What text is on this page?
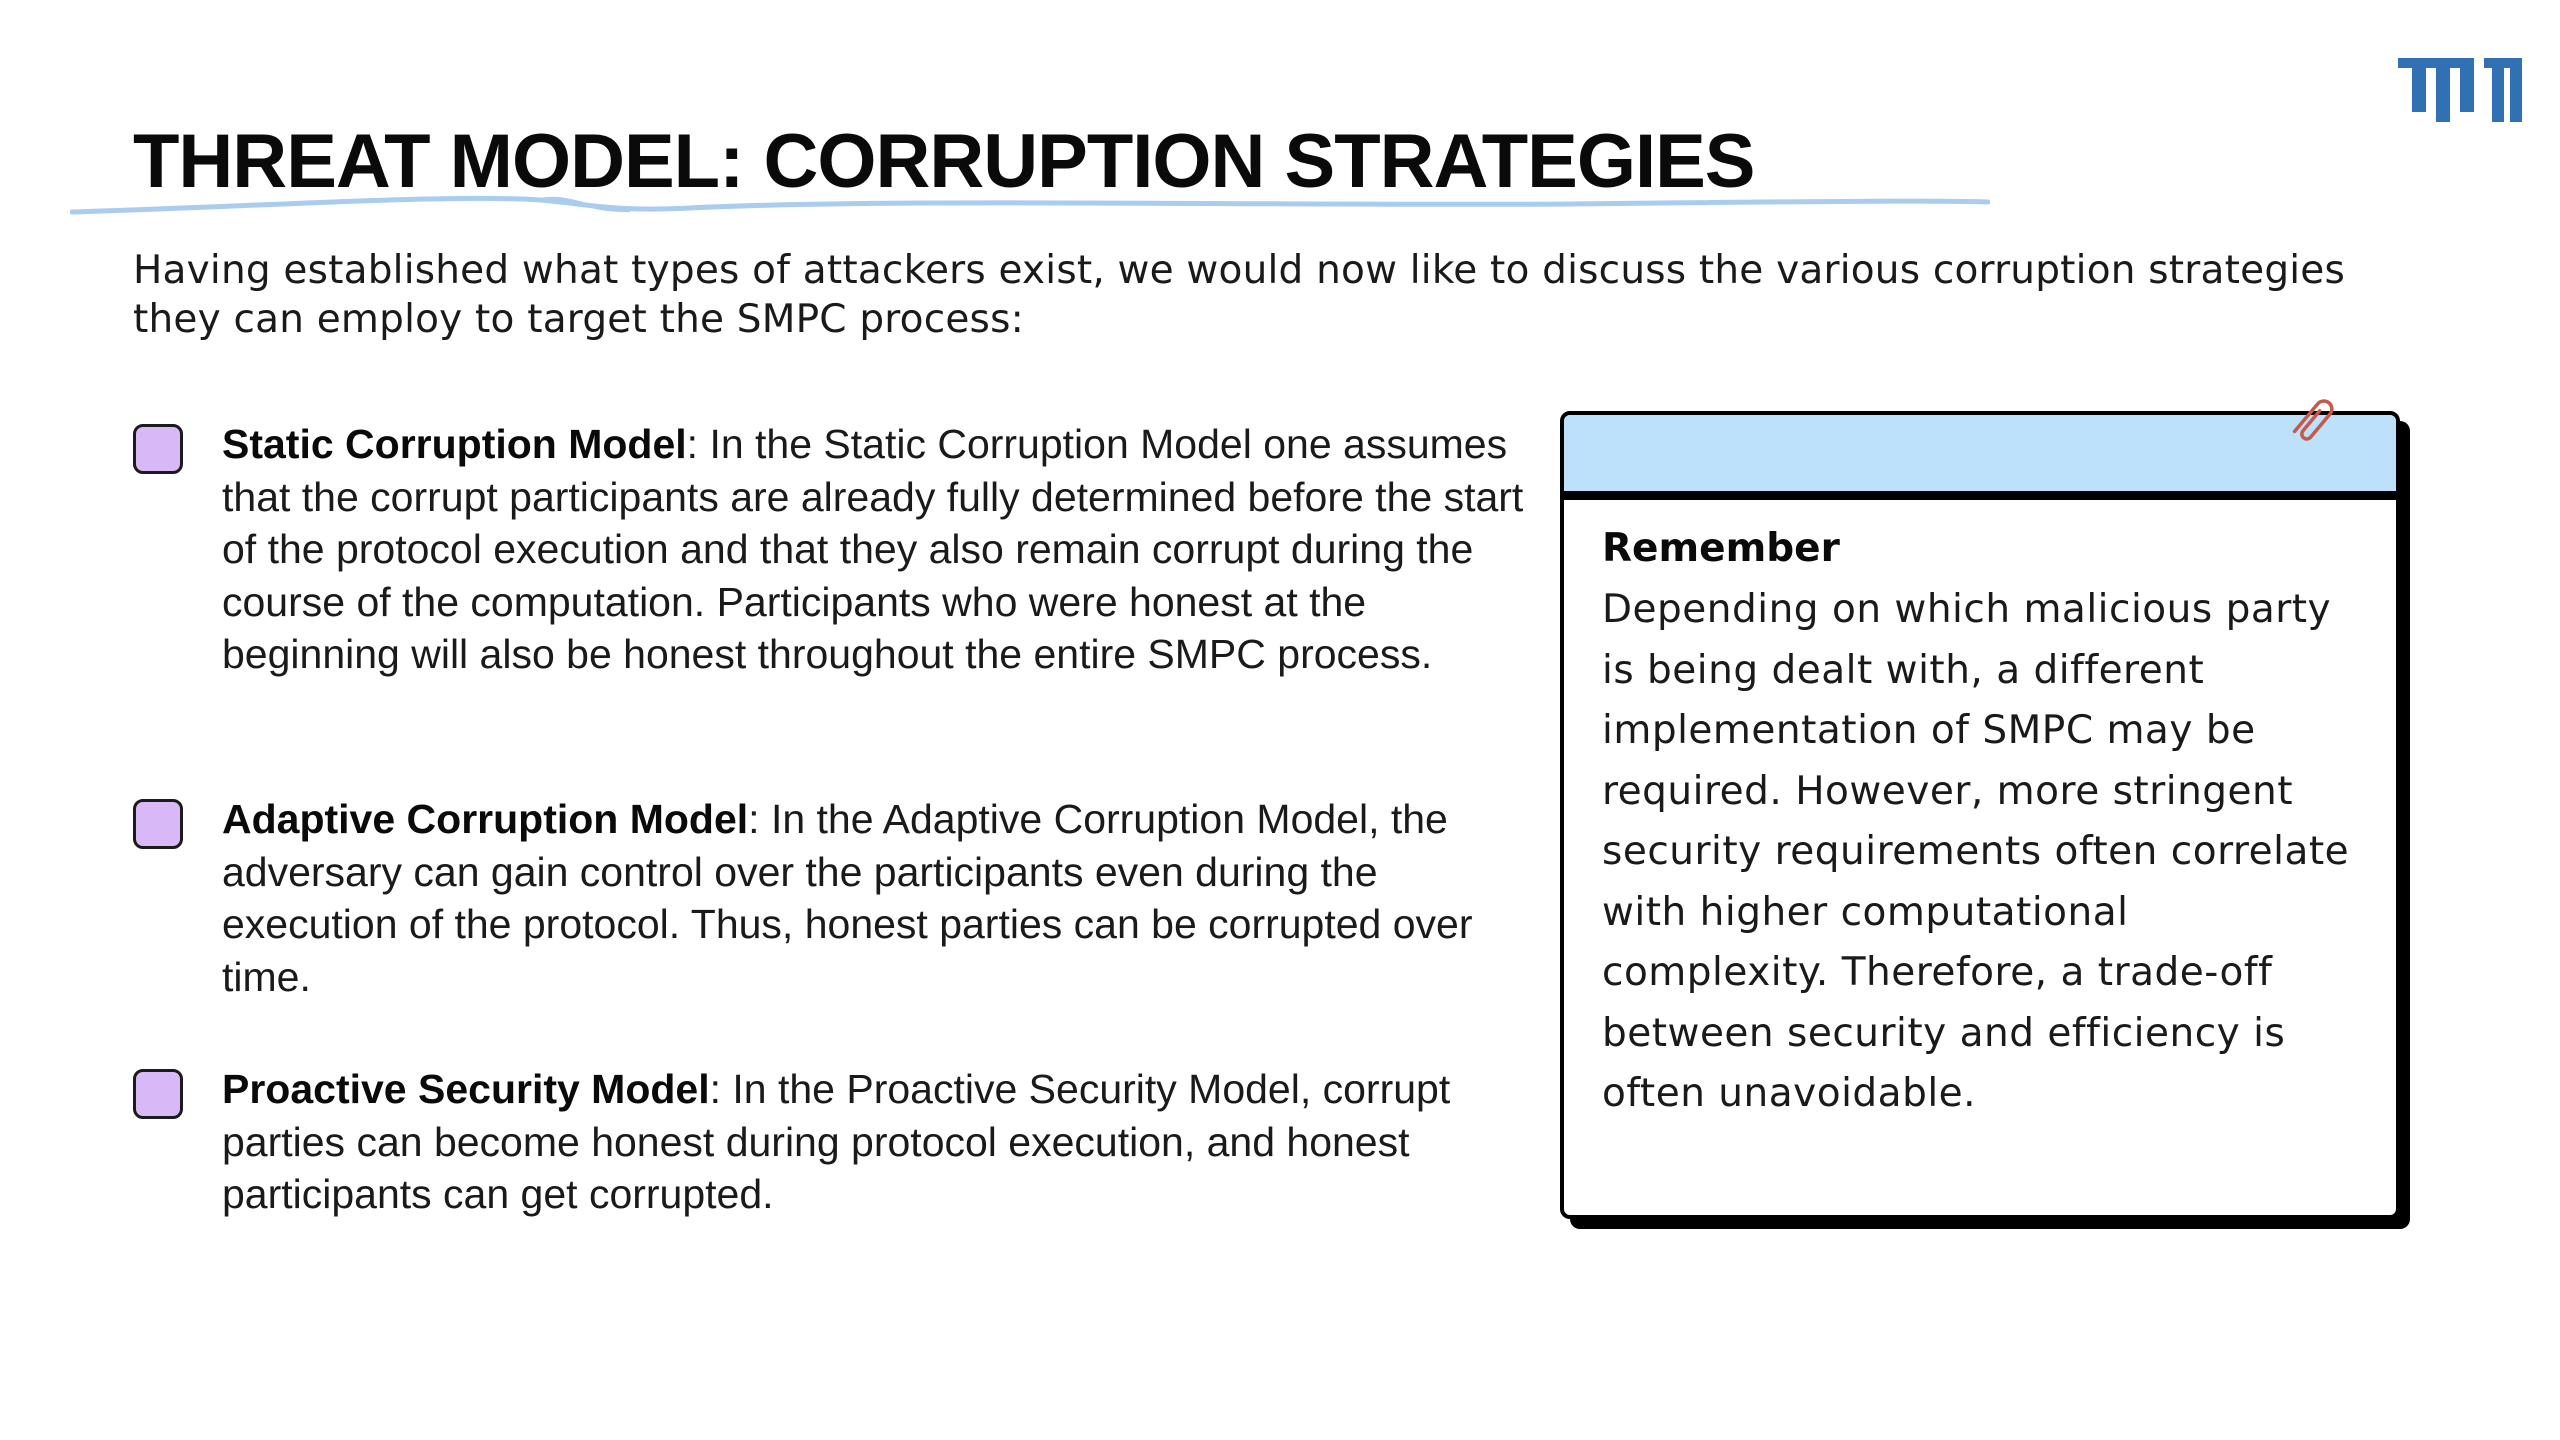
THREAT MODEL: CORRUPTION STRATEGIES

Having established what types of attackers exist, we would now like to discuss the various corruption strategies they can employ to target the SMPC process:

Static Corruption Model: In the Static Corruption Model one assumes that the corrupt participants are already fully determined before the start of the protocol execution and that they also remain corrupt during the course of the computation. Participants who were honest at the beginning will also be honest throughout the entire SMPC process.

Adaptive Corruption Model: In the Adaptive Corruption Model, the adversary can gain control over the participants even during the execution of the protocol. Thus, honest parties can be corrupted over time.

Proactive Security Model: In the Proactive Security Model, corrupt parties can become honest during protocol execution, and honest participants can get corrupted.

Remember

Depending on which malicious party is being dealt with, a different implementation of SMPC may be required. However, more stringent security requirements often correlate with higher computational complexity. Therefore, a trade-off between security and efficiency is often unavoidable.
